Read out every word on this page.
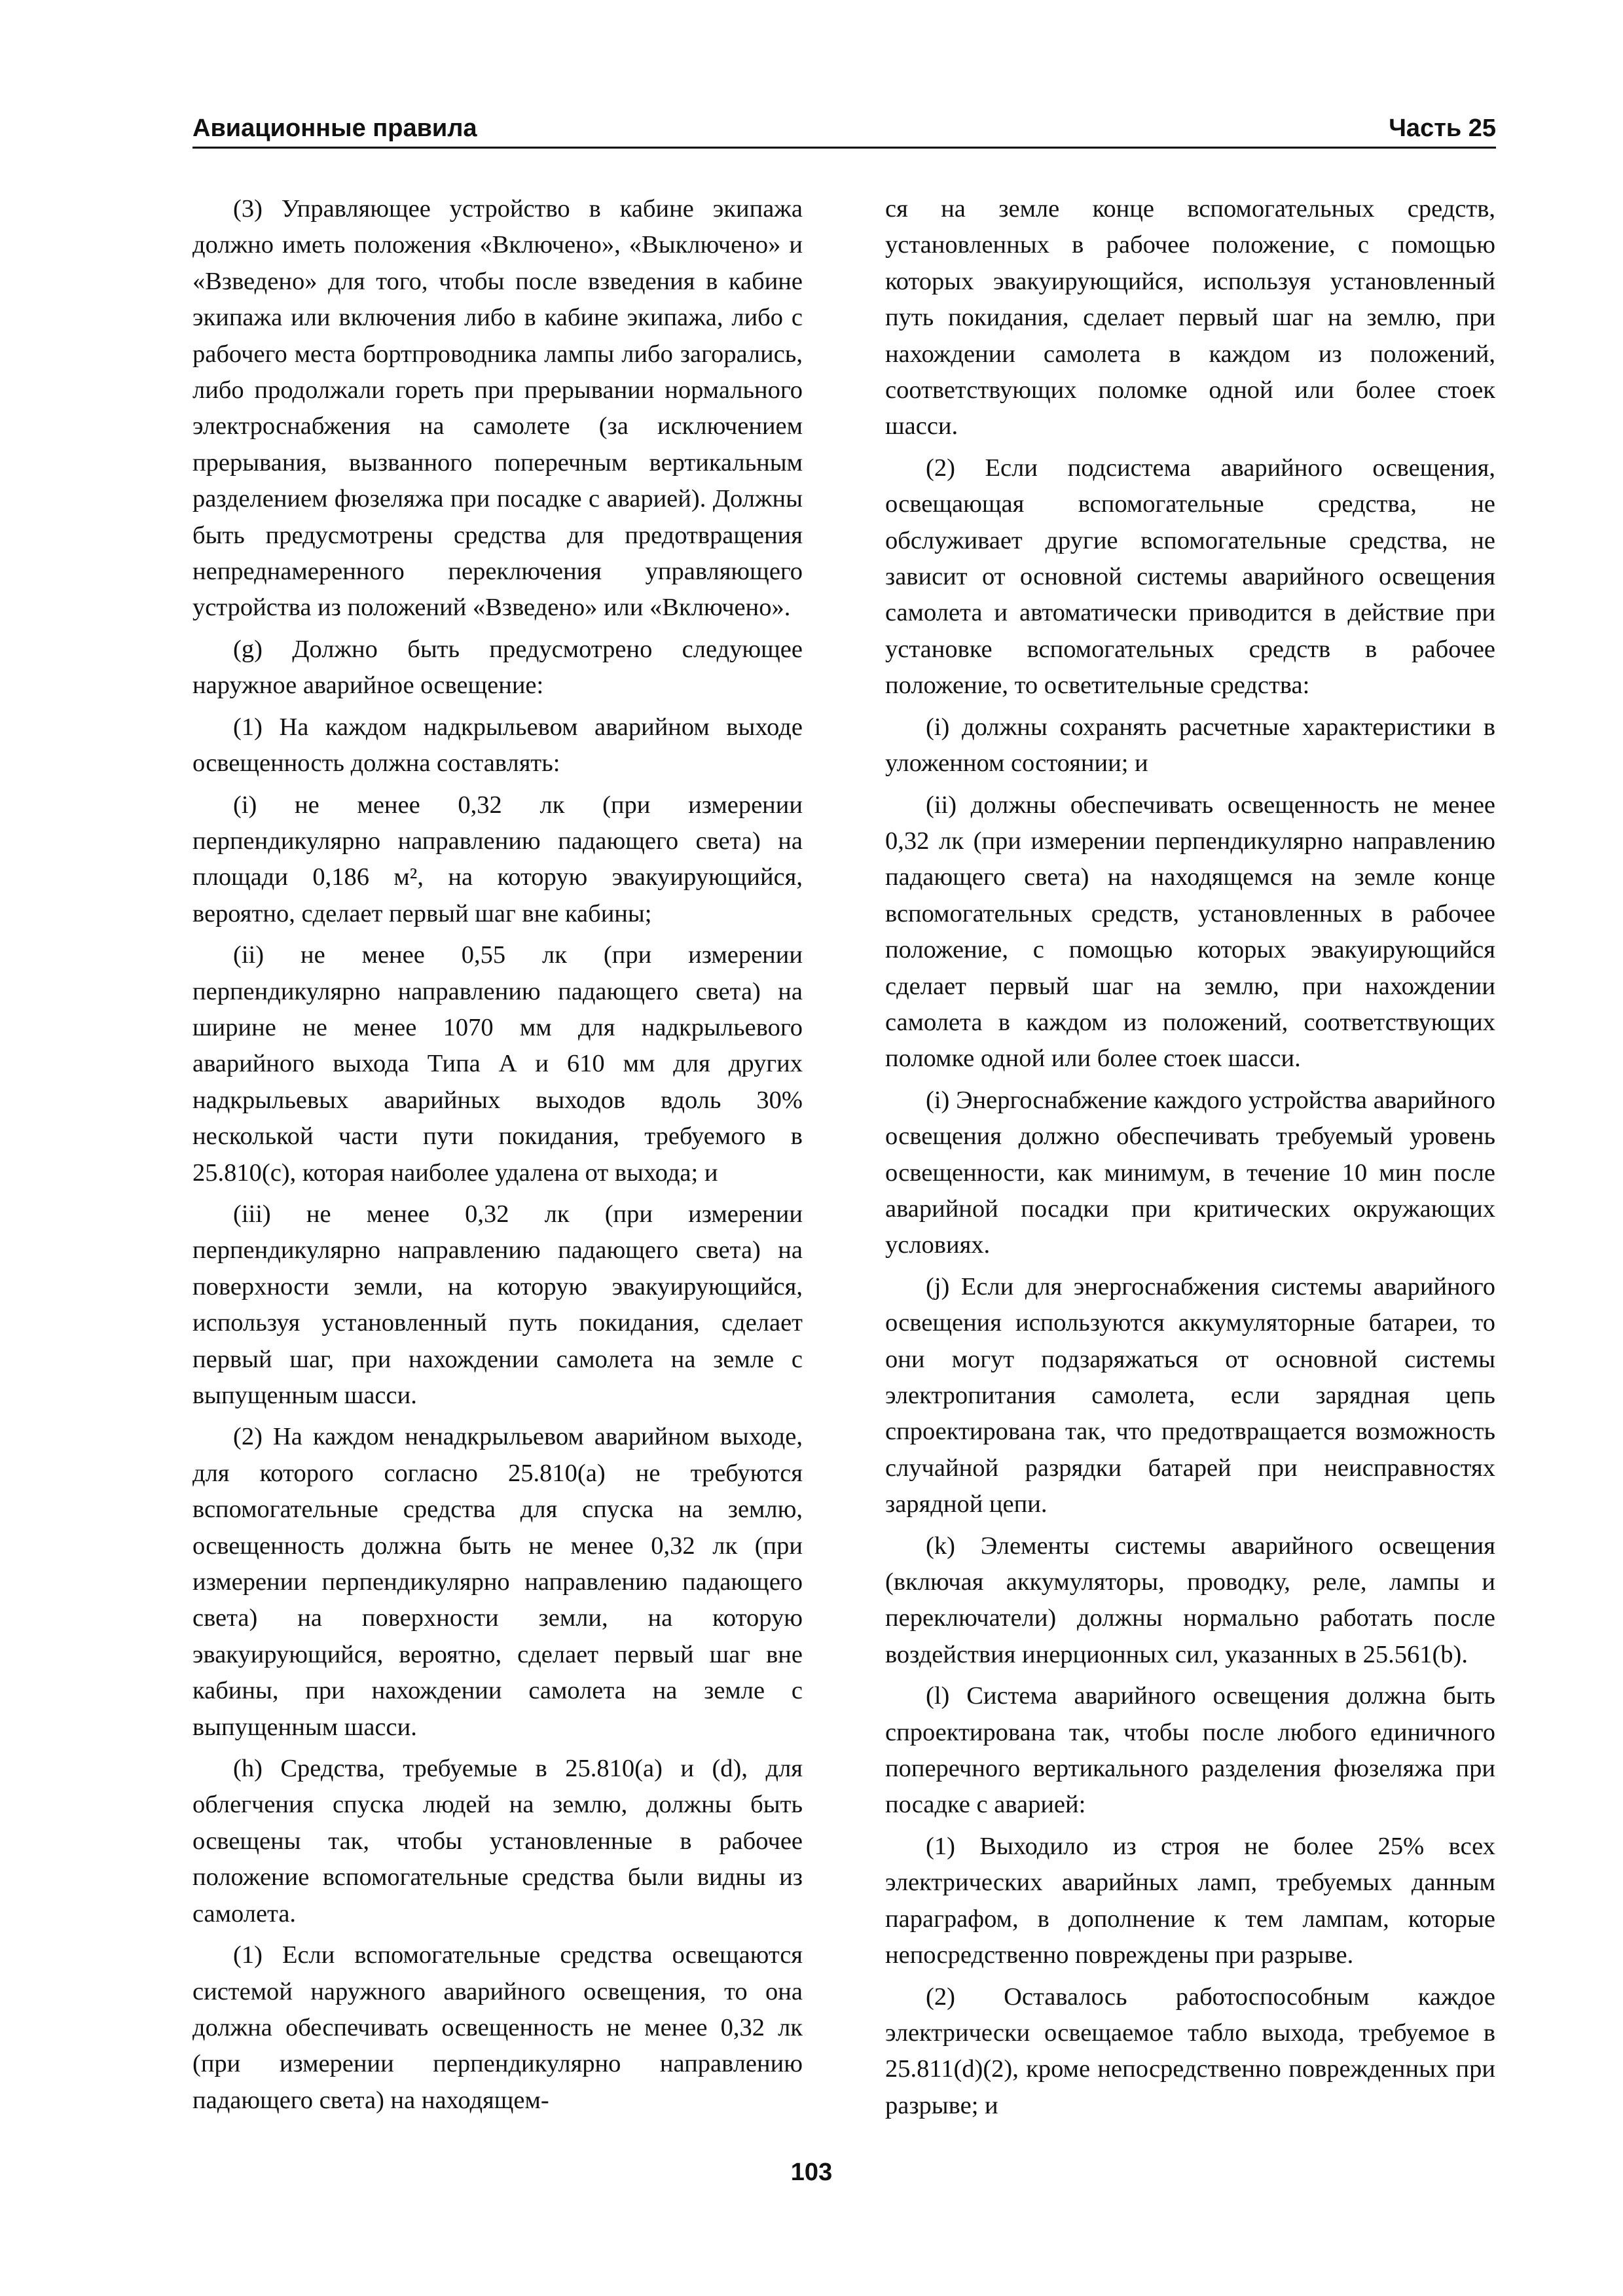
Авиационные правила	Часть 25

(3) Управляющее устройство в кабине экипажа должно иметь положения «Включено», «Выключено» и «Взведено» для того, чтобы после взведения в кабине экипажа или включения либо в кабине экипажа, либо с рабочего места бортпроводника лампы либо загорались, либо продолжали гореть при прерывании нормального электроснабжения на самолете (за исключением прерывания, вызванного поперечным вертикальным разделением фюзеляжа при посадке с аварией). Должны быть предусмотрены средства для предотвращения непреднамеренного переключения управляющего устройства из положений «Взведено» или «Включено».

(g) Должно быть предусмотрено следующее наружное аварийное освещение:

(1) На каждом надкрыльевом аварийном выходе освещенность должна составлять:

(i) не менее 0,32 лк (при измерении перпендикулярно направлению падающего света) на площади 0,186 м², на которую эвакуирующийся, вероятно, сделает первый шаг вне кабины;

(ii) не менее 0,55 лк (при измерении перпендикулярно направлению падающего света) на ширине не менее 1070 мм для надкрыльевого аварийного выхода Типа А и 610 мм для других надкрыльевых аварийных выходов вдоль 30% несколькой части пути покидания, требуемого в 25.810(с), которая наиболее удалена от выхода; и

(iii) не менее 0,32 лк (при измерении перпендикулярно направлению падающего света) на поверхности земли, на которую эвакуирующийся, используя установленный путь покидания, сделает первый шаг, при нахождении самолета на земле с выпущенным шасси.

(2) На каждом ненадкрыльевом аварийном выходе, для которого согласно 25.810(а) не требуются вспомогательные средства для спуска на землю, освещенность должна быть не менее 0,32 лк (при измерении перпендикулярно направлению падающего света) на поверхности земли, на которую эвакуирующийся, вероятно, сделает первый шаг вне кабины, при нахождении самолета на земле с выпущенным шасси.

(h) Средства, требуемые в 25.810(а) и (d), для облегчения спуска людей на землю, должны быть освещены так, чтобы установленные в рабочее положение вспомогательные средства были видны из самолета.

(1) Если вспомогательные средства освещаются системой наружного аварийного освещения, то она должна обеспечивать освещенность не менее 0,32 лк (при измерении перпендикулярно направлению падающего света) на находящем-

ся на земле конце вспомогательных средств, установленных в рабочее положение, с помощью которых эвакуирующийся, используя установленный путь покидания, сделает первый шаг на землю, при нахождении самолета в каждом из положений, соответствующих поломке одной или более стоек шасси.

(2) Если подсистема аварийного освещения, освещающая вспомогательные средства, не обслуживает другие вспомогательные средства, не зависит от основной системы аварийного освещения самолета и автоматически приводится в действие при установке вспомогательных средств в рабочее положение, то осветительные средства:

(i) должны сохранять расчетные характеристики в уложенном состоянии; и

(ii) должны обеспечивать освещенность не менее 0,32 лк (при измерении перпендикулярно направлению падающего света) на находящемся на земле конце вспомогательных средств, установленных в рабочее положение, с помощью которых эвакуирующийся сделает первый шаг на землю, при нахождении самолета в каждом из положений, соответствующих поломке одной или более стоек шасси.

(i) Энергоснабжение каждого устройства аварийного освещения должно обеспечивать требуемый уровень освещенности, как минимум, в течение 10 мин после аварийной посадки при критических окружающих условиях.

(j) Если для энергоснабжения системы аварийного освещения используются аккумуляторные батареи, то они могут подзаряжаться от основной системы электропитания самолета, если зарядная цепь спроектирована так, что предотвращается возможность случайной разрядки батарей при неисправностях зарядной цепи.

(k) Элементы системы аварийного освещения (включая аккумуляторы, проводку, реле, лампы и переключатели) должны нормально работать после воздействия инерционных сил, указанных в 25.561(b).

(l) Система аварийного освещения должна быть спроектирована так, чтобы после любого единичного поперечного вертикального разделения фюзеляжа при посадке с аварией:

(1) Выходило из строя не более 25% всех электрических аварийных ламп, требуемых данным параграфом, в дополнение к тем лампам, которые непосредственно повреждены при разрыве.

(2) Оставалось работоспособным каждое электрически освещаемое табло выхода, требуемое в 25.811(d)(2), кроме непосредственно поврежденных при разрыве; и

103
